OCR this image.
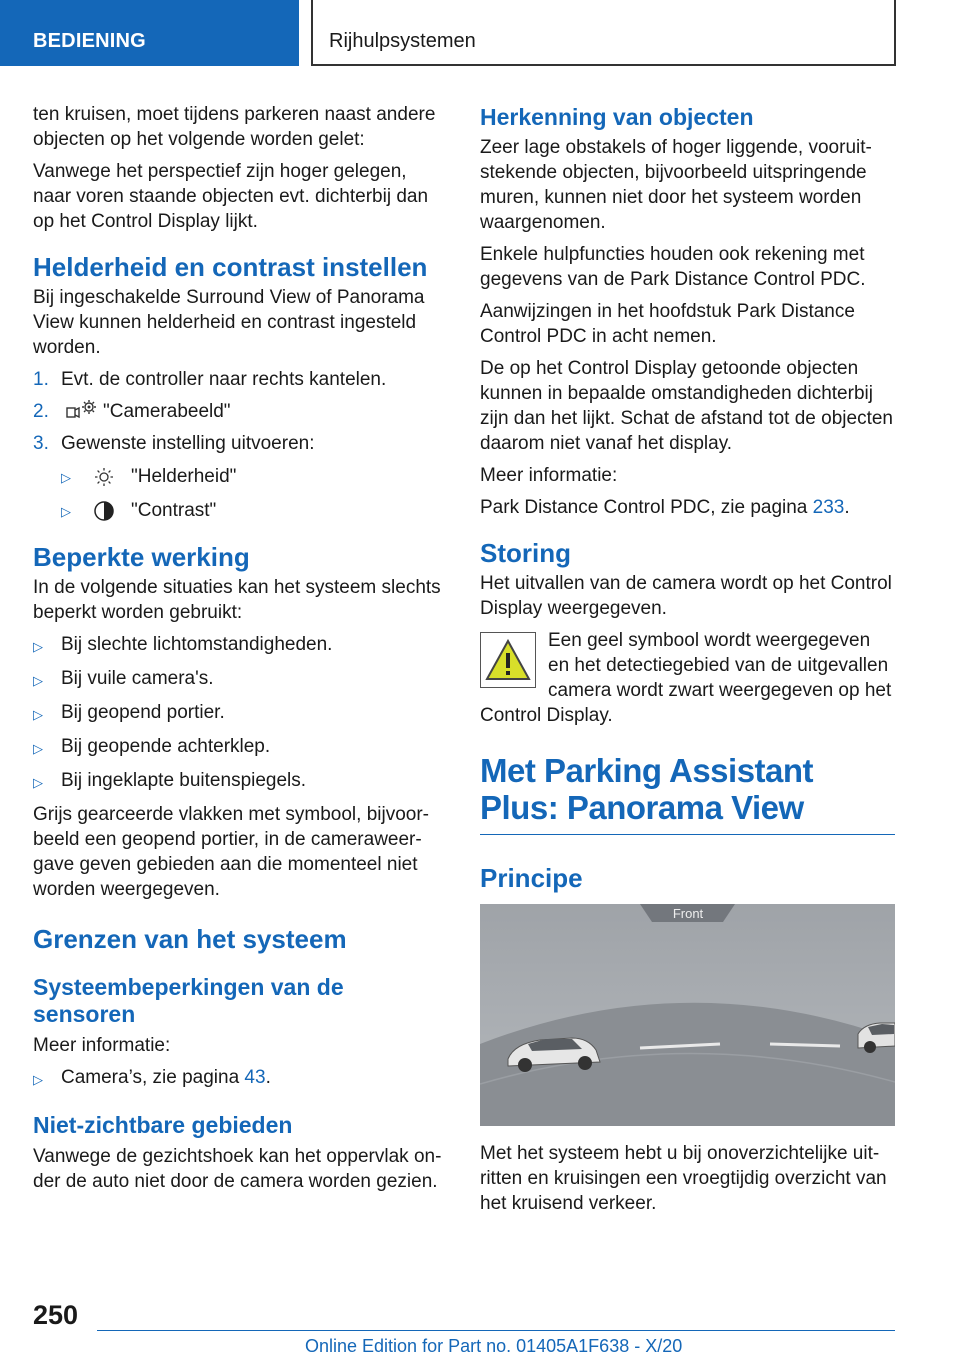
BEDIENING	Rijhulpsystemen

ten kruisen, moet tijdens parkeren naast andere objecten op het volgende worden gelet:

Vanwege het perspectief zijn hoger gelegen, naar voren staande objecten evt. dichterbij dan op het Control Display lijkt.

Helderheid en contrast instellen

Bij ingeschakelde Surround View of Panorama View kunnen helderheid en contrast ingesteld worden.

1. Evt. de controller naar rechts kantelen.
2.	"Camerabeeld"
3. Gewenste instelling uitvoeren:
▷	"Helderheid"
▷	"Contrast"
Beperkte werking

In de volgende situaties kan het systeem slechts beperkt worden gebruikt:

▷ Bij slechte lichtomstandigheden.
▷ Bij vuile camera's.
▷ Bij geopend portier.
▷ Bij geopende achterklep.
▷ Bij ingeklapte buitenspiegels.

Grijs gearceerde vlakken met symbool, bijvoorbeeld een geopend portier, in de cameraweergave geven gebieden aan die momenteel niet worden weergegeven.

Grenzen van het systeem
Systeembeperkingen van de sensoren

Meer informatie:

▷ Camera’s, zie pagina 43.
Niet-zichtbare gebieden

Vanwege de gezichtshoek kan het oppervlak onder de auto niet door de camera worden gezien.

Herkenning van objecten

Zeer lage obstakels of hoger liggende, vooruitstekende objecten, bijvoorbeeld uitspringende muren, kunnen niet door het systeem worden waargenomen.

Enkele hulpfuncties houden ook rekening met gegevens van de Park Distance Control PDC.

Aanwijzingen in het hoofdstuk Park Distance Control PDC in acht nemen.

De op het Control Display getoonde objecten kunnen in bepaalde omstandigheden dichterbij zijn dan het lijkt. Schat de afstand tot de objecten daarom niet vanaf het display.

Meer informatie:

Park Distance Control PDC, zie pagina 233.

Storing

Het uitvallen van de camera wordt op het Control Display weergegeven.

Een geel symbool wordt weergegeven en het detectiegebied van de uitgevallen camera wordt zwart weergegeven op het Control Display.

Met Parking Assistant Plus: Panorama View
Principe
Front

Met het systeem hebt u bij onoverzichtelijke uitritten en kruisingen een vroegtijdig overzicht van het kruisend verkeer.

250
Online Edition for Part no. 01405A1F638 - X/20
